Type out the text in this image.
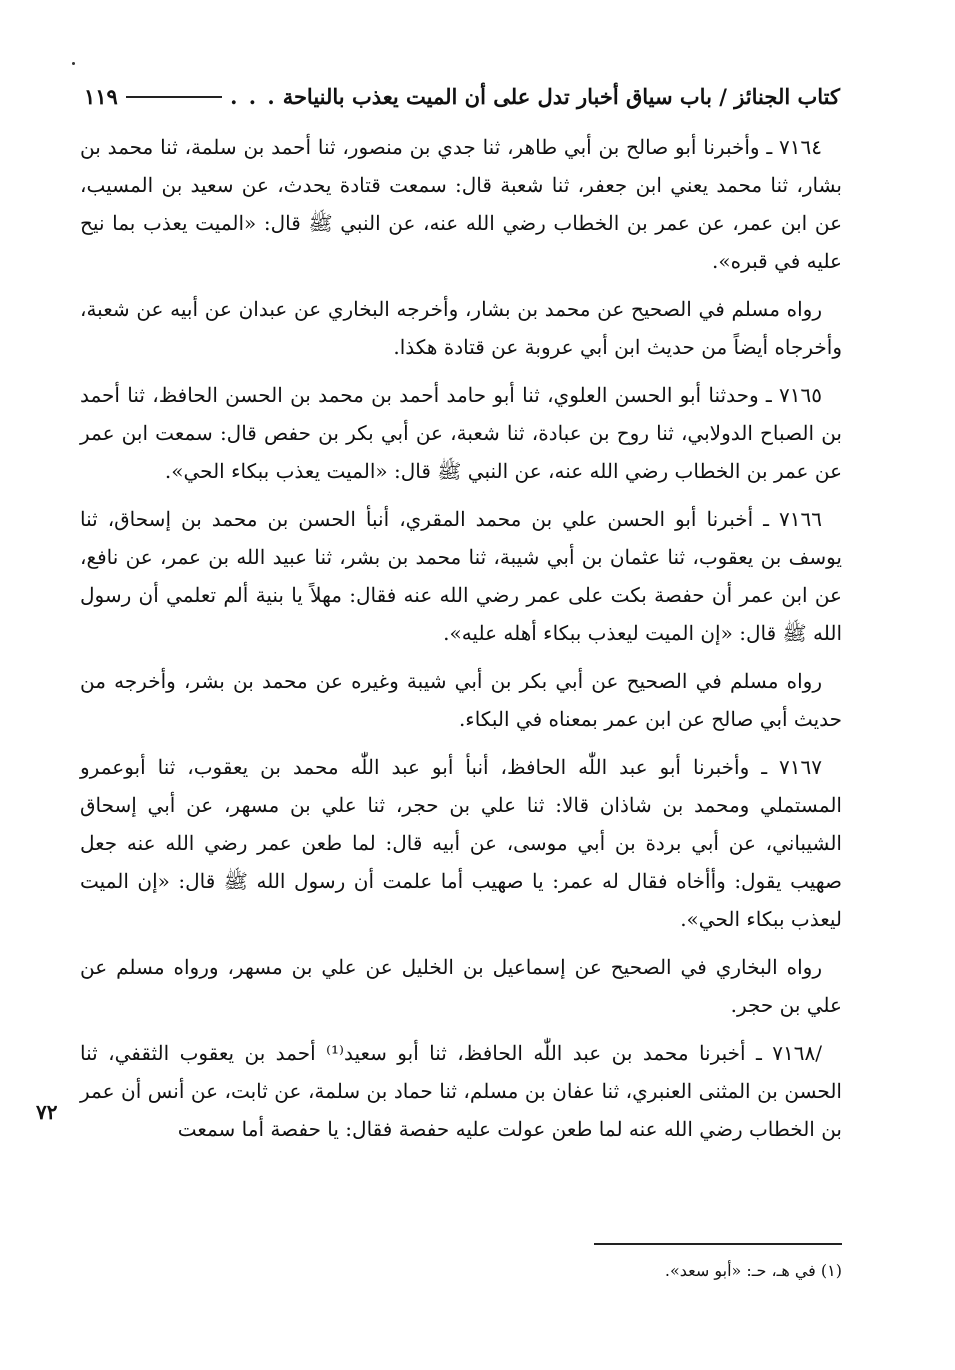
كتاب الجنائز / باب سياق أخبار تدل على أن الميت يعذب بالنياحة
. . .
١١٩

٧١٦٤ ـ وأخبرنا أبو صالح بن أبي طاهر، ثنا جدي بن منصور، ثنا أحمد بن سلمة، ثنا محمد بن بشار، ثنا محمد يعني ابن جعفر، ثنا شعبة قال: سمعت قتادة يحدث، عن سعيد بن المسيب، عن ابن عمر، عن عمر بن الخطاب رضي الله عنه، عن النبي ﷺ قال: «الميت يعذب بما نيح عليه في قبره».

رواه مسلم في الصحيح عن محمد بن بشار، وأخرجه البخاري عن عبدان عن أبيه عن شعبة، وأخرجاه أيضاً من حديث ابن أبي عروبة عن قتادة هكذا.

٧١٦٥ ـ وحدثنا أبو الحسن العلوي، ثنا أبو حامد أحمد بن محمد بن الحسن الحافظ، ثنا أحمد بن الصباح الدولابي، ثنا روح بن عبادة، ثنا شعبة، عن أبي بكر بن حفص قال: سمعت ابن عمر عن عمر بن الخطاب رضي الله عنه، عن النبي ﷺ قال: «الميت يعذب ببكاء الحي».

٧١٦٦ ـ أخبرنا أبو الحسن علي بن محمد المقري، أنبأ الحسن بن محمد بن إسحاق، ثنا يوسف بن يعقوب، ثنا عثمان بن أبي شيبة، ثنا محمد بن بشر، ثنا عبيد الله بن عمر، عن نافع، عن ابن عمر أن حفصة بكت على عمر رضي الله عنه فقال: مهلاً يا بنية ألم تعلمي أن رسول الله ﷺ قال: «إن الميت ليعذب ببكاء أهله عليه».

رواه مسلم في الصحيح عن أبي بكر بن أبي شيبة وغيره عن محمد بن بشر، وأخرجه من حديث أبي صالح عن ابن عمر بمعناه في البكاء.

٧١٦٧ ـ وأخبرنا أبو عبد اللّٰه الحافظ، أنبأ أبو عبد اللّٰه محمد بن يعقوب، ثنا أبوعمرو المستملي ومحمد بن شاذان قالا: ثنا علي بن حجر، ثنا علي بن مسهر، عن أبي إسحاق الشيباني، عن أبي بردة بن أبي موسى، عن أبيه قال: لما طعن عمر رضي الله عنه جعل صهيب يقول: وأأخاه فقال له عمر: يا صهيب أما علمت أن رسول الله ﷺ قال: «إن الميت ليعذب ببكاء الحي».

رواه البخاري في الصحيح عن إسماعيل بن الخليل عن علي بن مسهر، ورواه مسلم عن علي بن حجر.

/٧١٦٨ ـ أخبرنا محمد بن عبد اللّٰه الحافظ، ثنا أبو سعيد⁽¹⁾ أحمد بن يعقوب الثقفي، ثنا الحسن بن المثنى العنبري، ثنا عفان بن مسلم، ثنا حماد بن سلمة، عن ثابت، عن أنس أن عمر بن الخطاب رضي الله عنه لما طعن عولت عليه حفصة فقال: يا حفصة أما سمعت

٧٢
(١) في هـ، حـ: «أبو سعد».
